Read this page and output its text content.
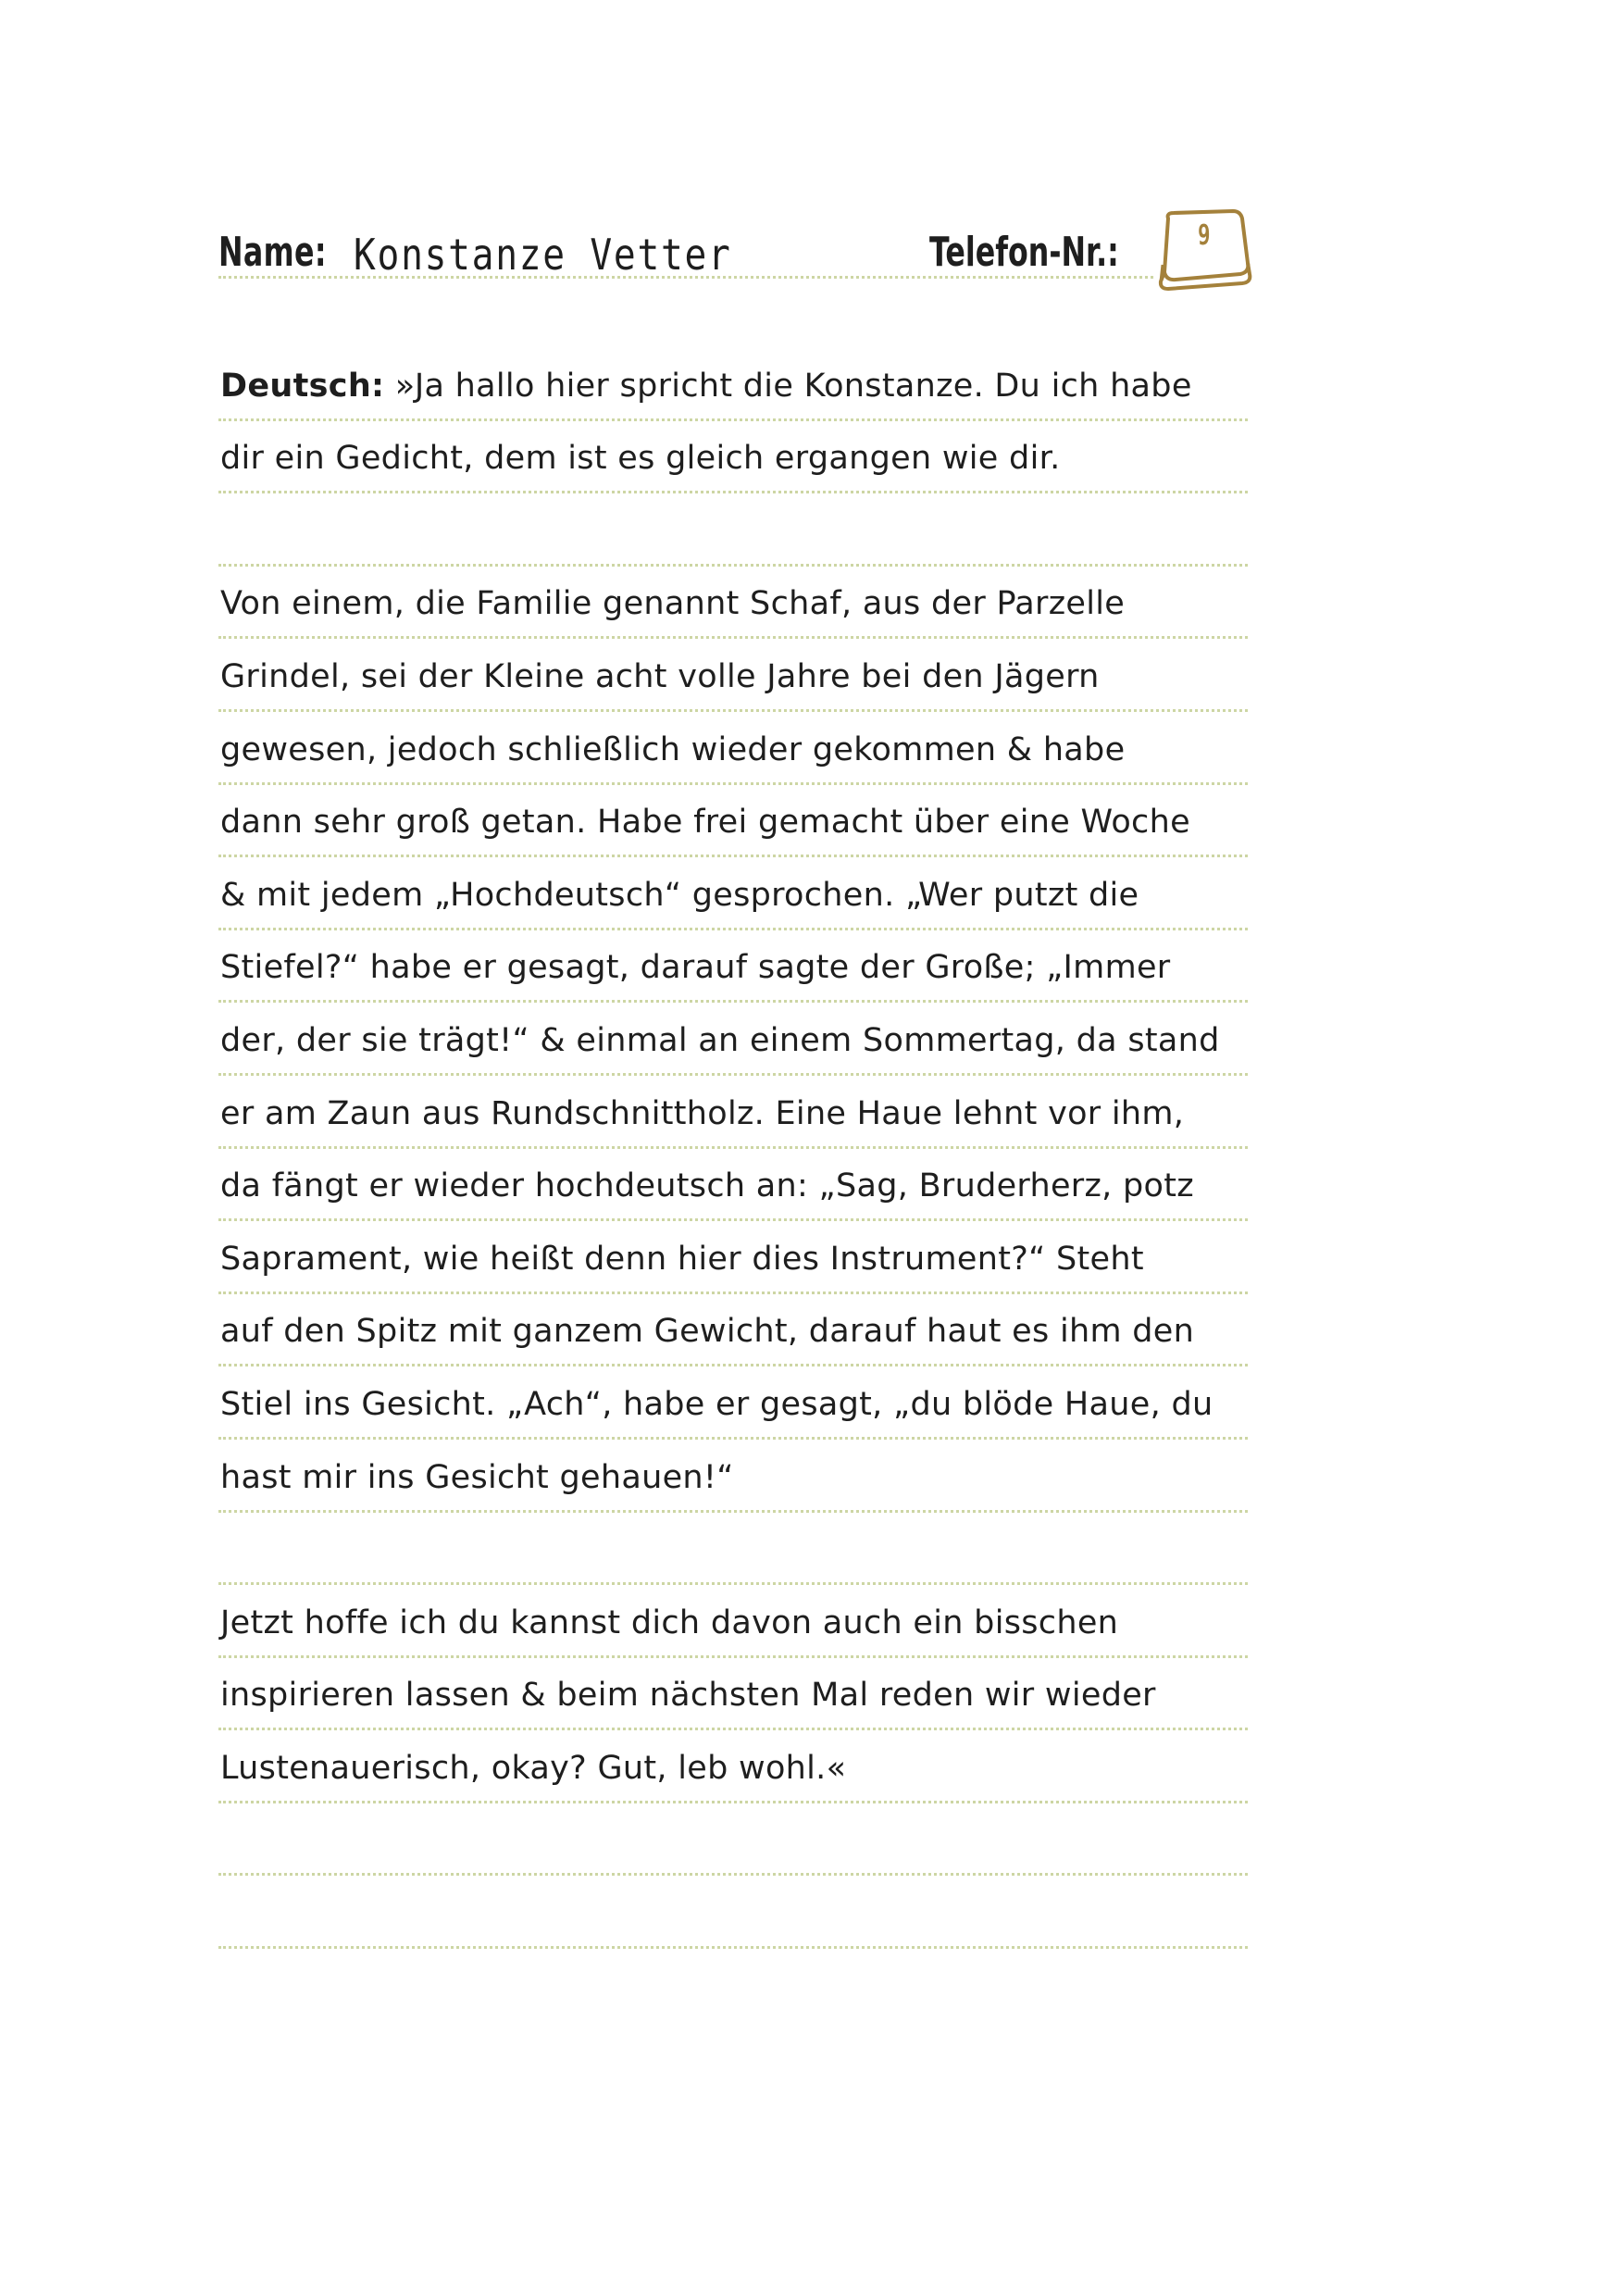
Name: Konstanze Vetter	Telefon-Nr.:	9
Deutsch: »Ja hallo hier spricht die Konstanze. Du ich habe
dir ein Gedicht, dem ist es gleich ergangen wie dir.
Von einem, die Familie genannt Schaf, aus der Parzelle
Grindel, sei der Kleine acht volle Jahre bei den Jägern
gewesen, jedoch schließlich wieder gekommen & habe
dann sehr groß getan. Habe frei gemacht über eine Woche
& mit jedem „Hochdeutsch“ gesprochen. „Wer putzt die
Stiefel?“ habe er gesagt, darauf sagte der Große; „Immer
der, der sie trägt!“ & einmal an einem Sommertag, da stand
er am Zaun aus Rundschnittholz. Eine Haue lehnt vor ihm,
da fängt er wieder hochdeutsch an: „Sag, Bruderherz, potz
Saprament, wie heißt denn hier dies Instrument?“ Steht
auf den Spitz mit ganzem Gewicht, darauf haut es ihm den
Stiel ins Gesicht. „Ach“, habe er gesagt, „du blöde Haue, du
hast mir ins Gesicht gehauen!“
Jetzt hoffe ich du kannst dich davon auch ein bisschen
inspirieren lassen & beim nächsten Mal reden wir wieder
Lustenauerisch, okay? Gut, leb wohl.«
